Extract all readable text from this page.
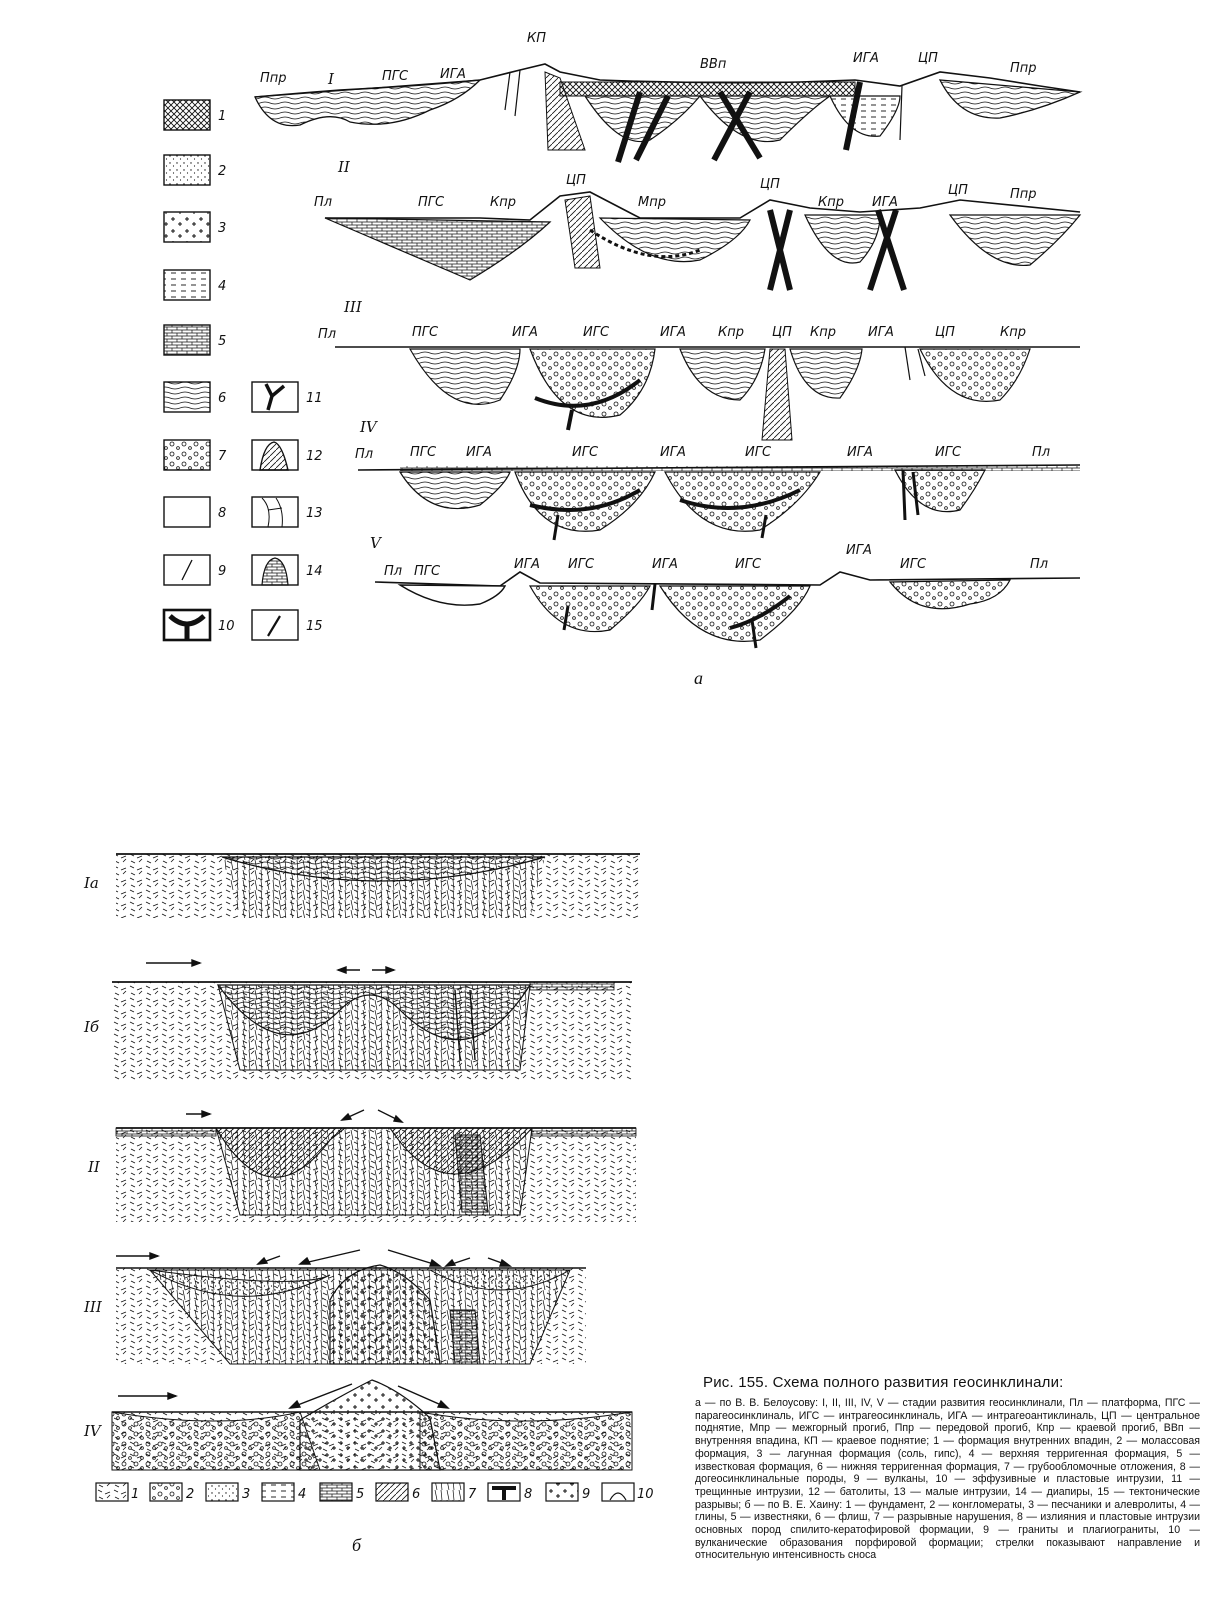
1
2
3
4
5
6
7
8
9
10
11
12
13
14
15
I
Ппр	ПГС ИГА
КП
ВВп	ИГА	ЦП
Ппр
II
Пл	ПГС	Кпр
ЦП
Мпр
ЦП
Кпр ИГА
ЦП	Ппр
III
Пл	ПГС	ИГА	ИГС	ИГА Кпр ЦП Кпр ИГА	ЦП	Кпр
IV
Пл	ПГС ИГА	ИГС	ИГА	ИГС	ИГА	ИГС	Пл
V
Пл ПГС	ИГА ИГС	ИГА	ИГС
ИГА
ИГС	Пл
Iа
Iб
II
III
IV
1	2	3	4	5	6	7	8	9	10
а
б

Рис. 155. Схема полного развития геосинклинали:

а — по В. В. Белоусову: I, II, III, IV, V — стадии развития геосинклинали, Пл — платформа, ПГС — парагеосинклиналь, ИГС — интрагеосинклиналь, ИГА — интрагеоантиклиналь, ЦП — центральное поднятие, Мпр — межгорный прогиб, Ппр — передовой прогиб, Кпр — краевой прогиб, ВВп — внутренняя впадина, КП — краевое поднятие; 1 — формация внутренних впадин, 2 — молассовая формация, 3 — лагунная формация (соль, гипс), 4 — верхняя терригенная формация, 5 — известковая формация, 6 — нижняя терригенная формация, 7 — грубообломочные отложения, 8 — догеосинклинальные породы, 9 — вулканы, 10 — эффузивные и пластовые интрузии, 11 — трещинные интрузии, 12 — батолиты, 13 — малые интрузии, 14 — диапиры, 15 — тектонические разрывы; б — по В. Е. Хаину: 1 — фундамент, 2 — конгломераты, 3 — песчаники и алевролиты, 4 — глины, 5 — известняки, 6 — флиш, 7 — разрывные нарушения, 8 — излияния и пластовые интрузии основных пород спилито-кератофировой формации, 9 — граниты и плагиограниты, 10 — вулканические образования порфировой формации; стрелки показывают направление и относительную интенсивность сноса
